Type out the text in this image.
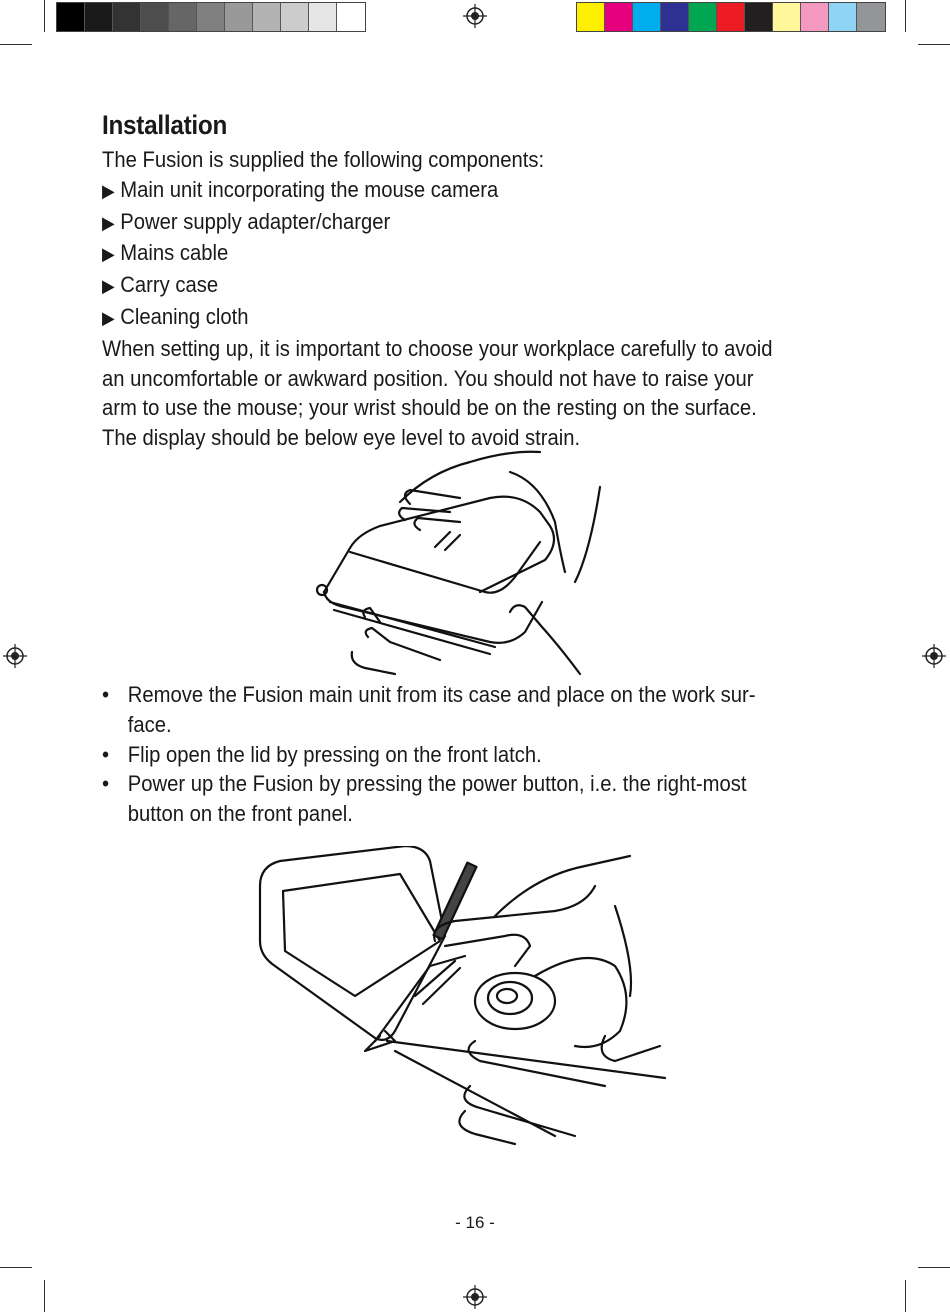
Installation
The Fusion is supplied the following components:
▶ Main unit incorporating the mouse camera
▶ Power supply adapter/charger
▶ Mains cable
▶ Carry case
▶ Cleaning cloth
When setting up, it is important to choose your workplace carefully to avoid
an uncomfortable or awkward position. You should not have to raise your
arm to use the mouse; your wrist should be on the resting on the surface.
The display should be below eye level to avoid strain.
• Remove the Fusion main unit from its case and place on the work sur-
face.
• Flip open the lid by pressing on the front latch.
• Power up the Fusion by pressing the power button, i.e. the right-most
button on the front panel.
- 16 -
